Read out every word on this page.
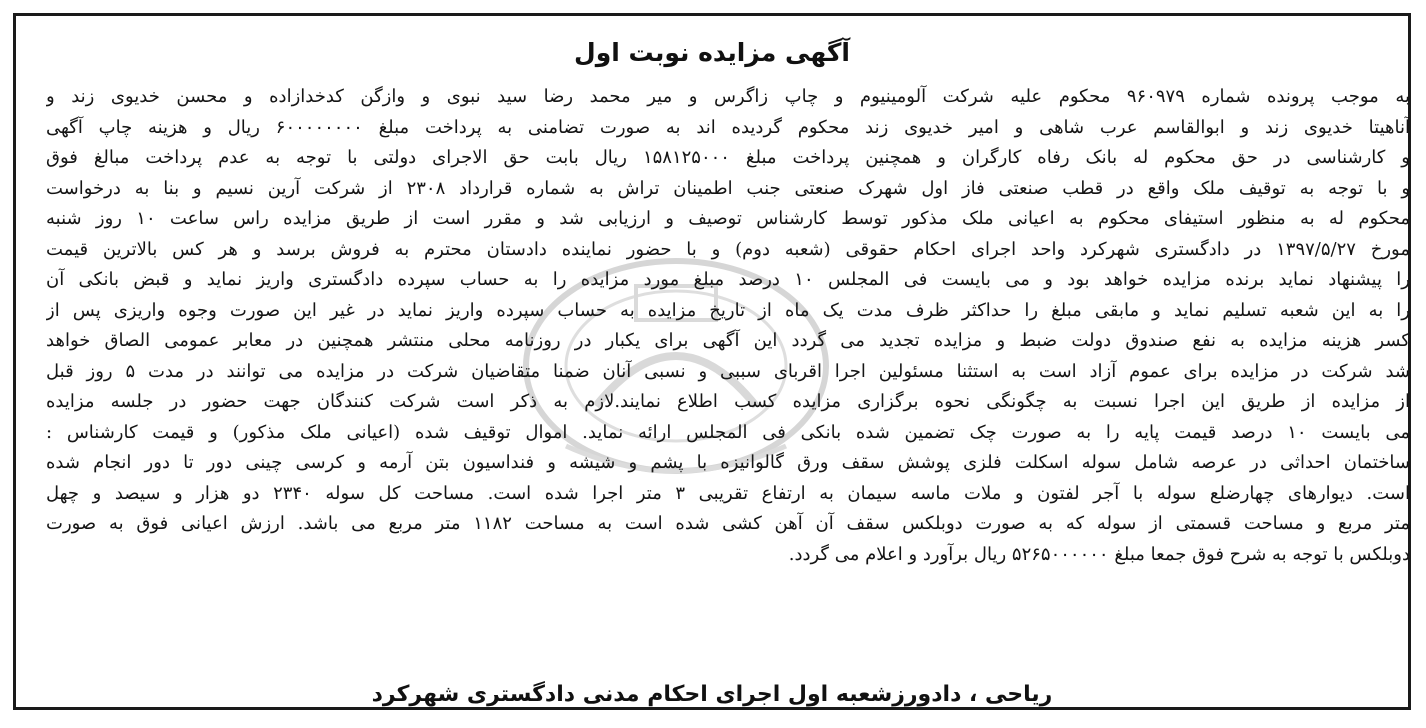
آگهی مزایده نوبت اول
به موجب پرونده شماره ۹۶۰۹۷۹ محکوم علیه شرکت آلومینیوم و چاپ زاگرس و میر محمد رضا سید نبوی و وازگن کدخدازاده و محسن خدیوی زند و
آناهیتا خدیوی زند و ابوالقاسم عرب شاهی و امیر خدیوی زند محکوم گردیده اند به صورت تضامنی به پرداخت مبلغ ۶۰۰۰۰۰۰۰۰ ریال و هزینه چاپ آگهی
و کارشناسی در حق محکوم له بانک رفاه کارگران و همچنین پرداخت مبلغ ۱۵۸۱۲۵۰۰۰ ریال بابت حق الاجرای دولتی با توجه به عدم پرداخت مبالغ فوق
و با توجه به توقیف ملک واقع در قطب صنعتی فاز اول شهرک صنعتی جنب اطمینان تراش به شماره قرارداد ۲۳۰۸ از شرکت آرین نسیم و بنا به درخواست
محکوم له به منظور استیفای محکوم به اعیانی ملک مذکور توسط کارشناس توصیف و ارزیابی شد و مقرر است از طریق مزایده راس ساعت ۱۰ روز شنبه
مورخ ۱۳۹۷/۵/۲۷ در دادگستری شهرکرد واحد اجرای احکام حقوقی (شعبه دوم) و با حضور نماینده دادستان محترم به فروش برسد و هر کس بالاترین قیمت
را پیشنهاد نماید برنده مزایده خواهد بود و می بایست فی المجلس ۱۰ درصد مبلغ مورد مزایده را به حساب سپرده دادگستری واریز نماید و قبض بانکی آن
را به این شعبه تسلیم نماید و مابقی مبلغ را حداکثر ظرف مدت یک ماه از تاریخ مزایده به حساب سپرده واریز نماید در غیر این صورت وجوه واریزی پس از
کسر هزینه مزایده به نفع صندوق دولت ضبط و مزایده تجدید می گردد این آگهی برای یکبار در روزنامه محلی منتشر همچنین در معابر عمومی الصاق خواهد
شد شرکت در مزایده برای عموم آزاد است به استثنا مسئولین اجرا اقربای سببی و نسبی آنان ضمنا متقاضیان شرکت در مزایده می توانند در مدت ۵ روز قبل
از مزایده از طریق این اجرا نسبت به چگونگی نحوه برگزاری مزایده کسب اطلاع نمایند.لازم به ذکر است شرکت کنندگان جهت حضور در جلسه مزایده
می بایست ۱۰ درصد قیمت پایه را به صورت چک تضمین شده بانکی فی المجلس ارائه نماید. اموال توقیف شده (اعیانی ملک مذکور) و قیمت کارشناس :
ساختمان احداثی در عرصه شامل سوله اسکلت فلزی پوشش سقف ورق گالوانیزه با پشم و شیشه و فنداسیون بتن آرمه و کرسی چینی دور تا دور انجام شده
است. دیوارهای چهارضلع سوله با آجر لفتون و ملات ماسه سیمان به ارتفاع تقریبی ۳ متر اجرا شده است. مساحت کل سوله ۲۳۴۰ دو هزار و سیصد و چهل
متر مربع و مساحت قسمتی از سوله که به صورت دوبلکس سقف آن آهن کشی شده است به مساحت ۱۱۸۲ متر مربع می باشد. ارزش اعیانی فوق به صورت
دوبلکس با توجه به شرح فوق جمعا مبلغ ۵۲۶۵۰۰۰۰۰۰ ریال برآورد و اعلام می گردد.
ریاحی ، دادورزشعبه اول اجرای احکام مدنی دادگستری شهرکرد
